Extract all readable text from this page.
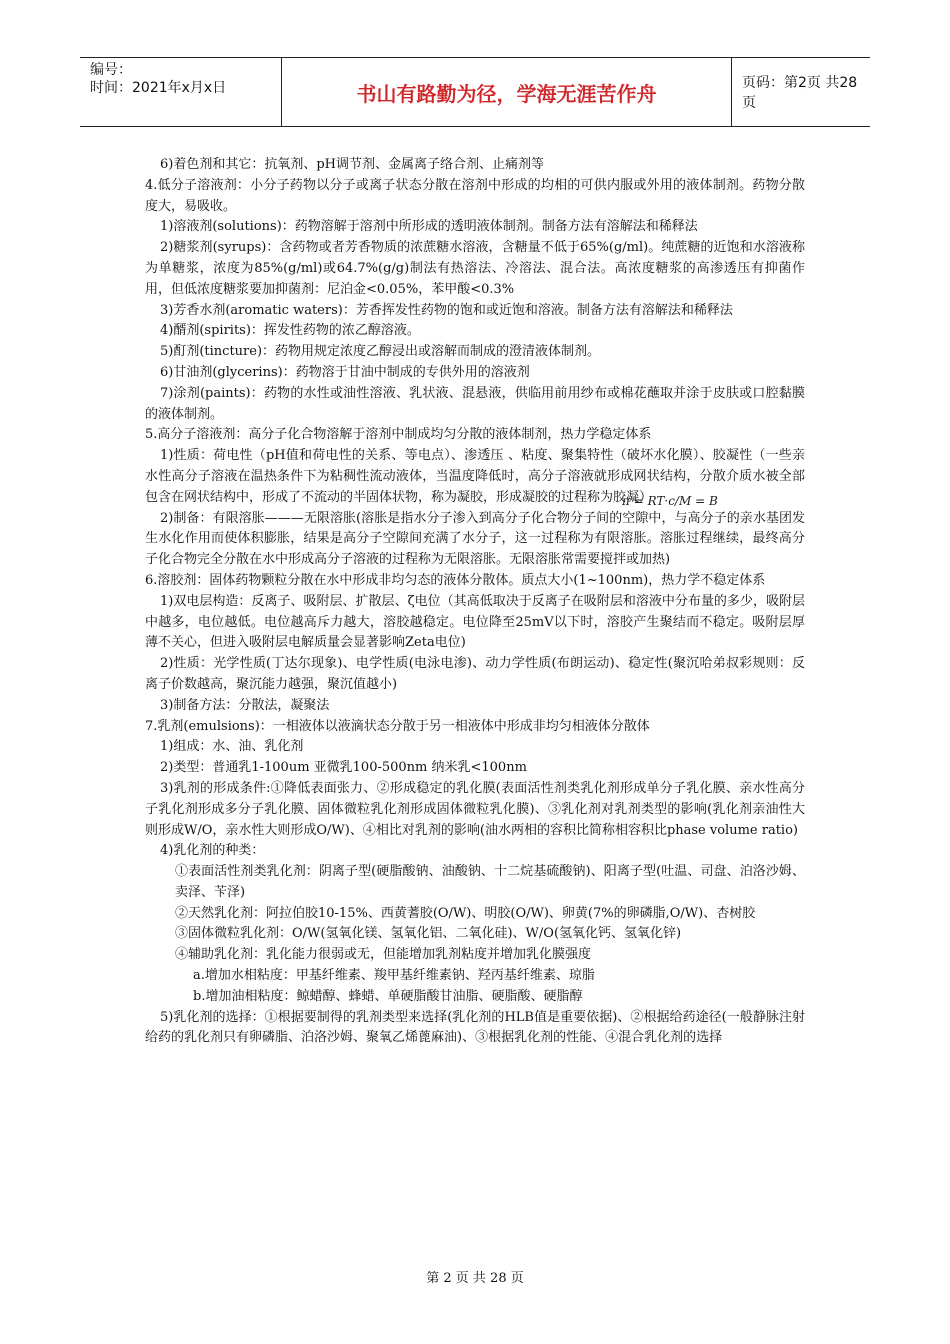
编号：
时间：2021年x月x日	书山有路勤为径，学海无涯苦作舟	页码：第2页 共28页

6)着色剂和其它：抗氧剂、pH调节剂、金属离子络合剂、止痛剂等

4.低分子溶液剂：小分子药物以分子或离子状态分散在溶剂中形成的均相的可供内服或外用的液体制剂。药物分散度大，易吸收。

1)溶液剂(solutions)：药物溶解于溶剂中所形成的透明液体制剂。制备方法有溶解法和稀释法

2)糖浆剂(syrups)：含药物或者芳香物质的浓蔗糖水溶液，含糖量不低于65%(g/ml)。纯蔗糖的近饱和水溶液称为单糖浆，浓度为85%(g/ml)或64.7%(g/g)制法有热溶法、冷溶法、混合法。高浓度糖浆的高渗透压有抑菌作用，但低浓度糖浆要加抑菌剂：尼泊金<0.05%，苯甲酸<0.3%

3)芳香水剂(aromatic waters)：芳香挥发性药物的饱和或近饱和溶液。制备方法有溶解法和稀释法

4)醑剂(spirits)：挥发性药物的浓乙醇溶液。

5)酊剂(tincture)：药物用规定浓度乙醇浸出或溶解而制成的澄清液体制剂。

6)甘油剂(glycerins)：药物溶于甘油中制成的专供外用的溶液剂

7)涂剂(paints)：药物的水性或油性溶液、乳状液、混悬液，供临用前用纱布或棉花蘸取并涂于皮肤或口腔黏膜的液体制剂。

5.高分子溶液剂：高分子化合物溶解于溶剂中制成均匀分散的液体制剂，热力学稳定体系

1)性质：荷电性（pH值和荷电性的关系、等电点）、渗透压 、粘度、聚集特性（破坏水化膜）、胶凝性（一些亲水性高分子溶液在温热条件下为粘稠性流动液体，当温度降低时，高分子溶液就形成网状结构，分散介质水被全部包含在网状结构中，形成了不流动的半固体状物，称为凝胶，形成凝胶的过程称为胶凝）

2)制备：有限溶胀———无限溶胀(溶胀是指水分子渗入到高分子化合物分子间的空隙中，与高分子的亲水基团发生水化作用而使体积膨胀，结果是高分子空隙间充满了水分子，这一过程称为有限溶胀。溶胀过程继续，最终高分子化合物完全分散在水中形成高分子溶液的过程称为无限溶胀。无限溶胀常需要搅拌或加热)

6.溶胶剂：固体药物颗粒分散在水中形成非均匀态的液体分散体。质点大小(1~100nm)，热力学不稳定体系

1)双电层构造：反离子、吸附层、扩散层、ζ电位（其高低取决于反离子在吸附层和溶液中分布量的多少，吸附层中越多，电位越低。电位越高斥力越大，溶胶越稳定。电位降至25mV以下时，溶胶产生聚结而不稳定。吸附层厚薄不关心，但进入吸附层电解质量会显著影响Zeta电位)

2)性质：光学性质(丁达尔现象)、电学性质(电泳电渗)、动力学性质(布朗运动)、稳定性(聚沉哈弟叔彩规则：反离子价数越高，聚沉能力越强，聚沉值越小)

3)制备方法：分散法，凝聚法

7.乳剂(emulsions)：一相液体以液滴状态分散于另一相液体中形成非均匀相液体分散体

1)组成：水、油、乳化剂

2)类型：普通乳1-100um 亚微乳100-500nm 纳米乳<100nm

3)乳剂的形成条件:①降低表面张力、②形成稳定的乳化膜(表面活性剂类乳化剂形成单分子乳化膜、亲水性高分子乳化剂形成多分子乳化膜、固体微粒乳化剂形成固体微粒乳化膜)、③乳化剂对乳剂类型的影响(乳化剂亲油性大则形成W/O，亲水性大则形成O/W)、④相比对乳剂的影响(油水两相的容积比简称相容积比phase volume ratio)

4)乳化剂的种类：

①表面活性剂类乳化剂：阴离子型(硬脂酸钠、油酸钠、十二烷基硫酸钠)、阳离子型(吐温、司盘、泊洛沙姆、卖泽、苄泽)

②天然乳化剂：阿拉伯胶10-15%、西黄蓍胶(O/W)、明胶(O/W)、卵黄(7%的卵磷脂,O/W)、杏树胶

③固体微粒乳化剂：O/W(氢氧化镁、氢氧化铝、二氧化硅)、W/O(氢氧化钙、氢氧化锌)

④辅助乳化剂：乳化能力很弱或无，但能增加乳剂粘度并增加乳化膜强度

a.增加水相粘度：甲基纤维素、羧甲基纤维素钠、羟丙基纤维素、琼脂

b.增加油相粘度：鲸蜡醇、蜂蜡、单硬脂酸甘油脂、硬脂酸、硬脂醇

5)乳化剂的选择：①根据要制得的乳剂类型来选择(乳化剂的HLB值是重要依据)、②根据给药途径(一般静脉注射给药的乳化剂只有卵磷脂、泊洛沙姆、聚氧乙烯蓖麻油)、③根据乳化剂的性能、④混合乳化剂的选择

π = RT·c/M = B
第 2 页 共 28 页
